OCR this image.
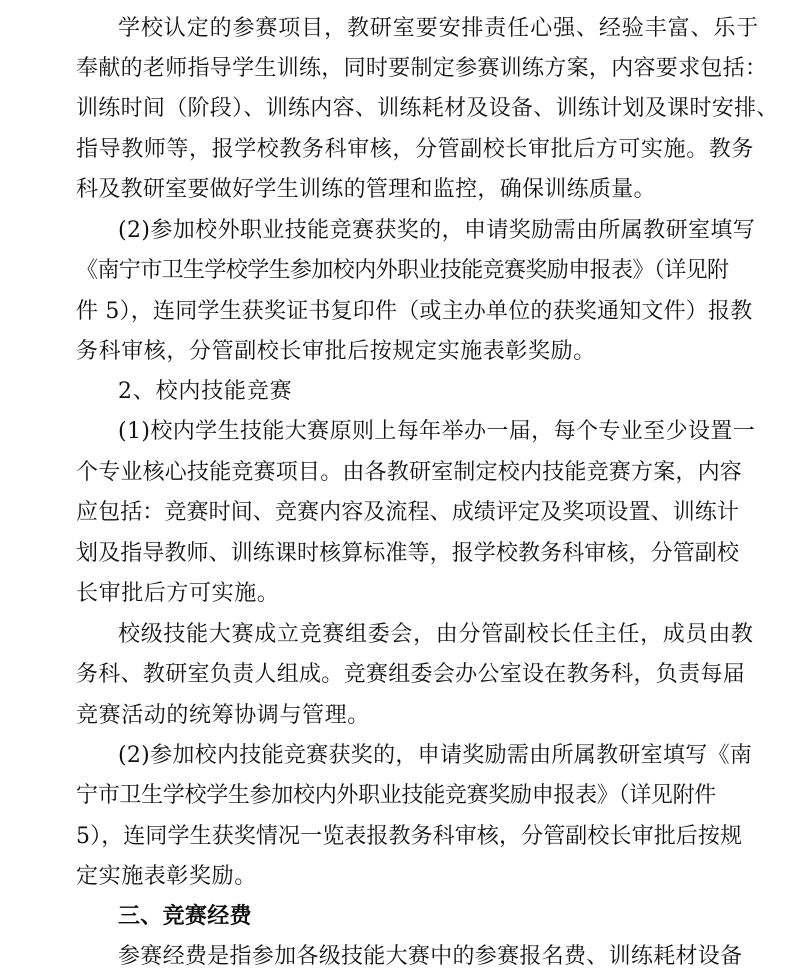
学校认定的参赛项目，教研室要安排责任心强、经验丰富、乐于
奉献的老师指导学生训练，同时要制定参赛训练方案，内容要求包括：
训练时间（阶段）、训练内容、训练耗材及设备、训练计划及课时安排、
指导教师等，报学校教务科审核，分管副校长审批后方可实施。教务
科及教研室要做好学生训练的管理和监控，确保训练质量。
(2)参加校外职业技能竞赛获奖的，申请奖励需由所属教研室填写
《南宁市卫生学校学生参加校内外职业技能竞赛奖励申报表》（详见附
件 5），连同学生获奖证书复印件（或主办单位的获奖通知文件）报教
务科审核，分管副校长审批后按规定实施表彰奖励。
2、校内技能竞赛
(1)校内学生技能大赛原则上每年举办一届，每个专业至少设置一
个专业核心技能竞赛项目。由各教研室制定校内技能竞赛方案，内容
应包括：竞赛时间、竞赛内容及流程、成绩评定及奖项设置、训练计
划及指导教师、训练课时核算标准等，报学校教务科审核，分管副校
长审批后方可实施。
校级技能大赛成立竞赛组委会，由分管副校长任主任，成员由教
务科、教研室负责人组成。竞赛组委会办公室设在教务科，负责每届
竞赛活动的统筹协调与管理。
(2)参加校内技能竞赛获奖的，申请奖励需由所属教研室填写《南
宁市卫生学校学生参加校内外职业技能竞赛奖励申报表》（详见附件
5），连同学生获奖情况一览表报教务科审核，分管副校长审批后按规
定实施表彰奖励。
三、竞赛经费
参赛经费是指参加各级技能大赛中的参赛报名费、训练耗材设备
